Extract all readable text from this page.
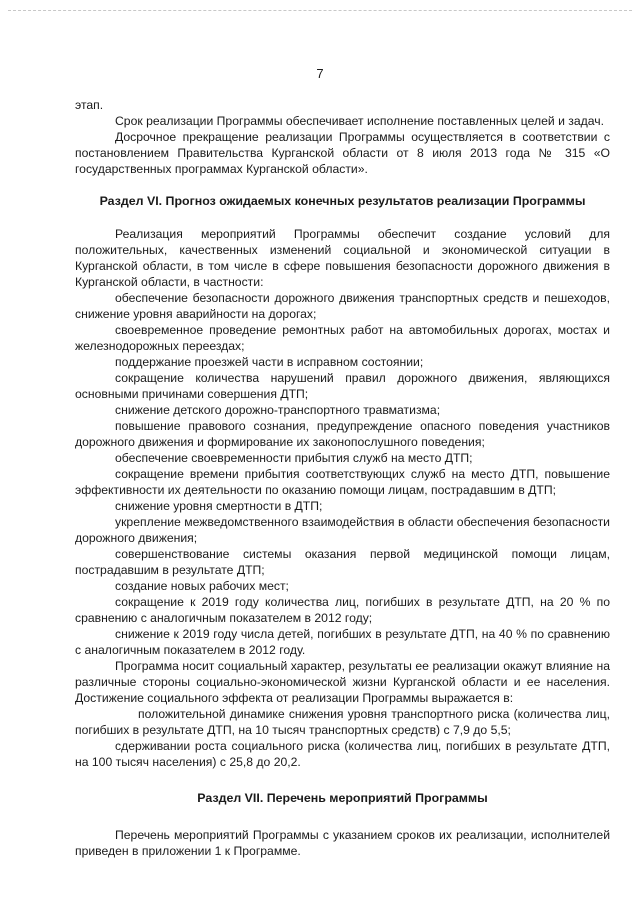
7

этап.

Срок реализации Программы обеспечивает исполнение поставленных целей и задач.

Досрочное прекращение реализации Программы осуществляется в соответствии с постановлением Правительства Курганской области от 8 июля 2013 года № 315 «О государственных программах Курганской области».

Раздел VI. Прогноз ожидаемых конечных результатов реализации Программы

Реализация мероприятий Программы обеспечит создание условий для положительных, качественных изменений социальной и экономической ситуации в Курганской области, в том числе в сфере повышения безопасности дорожного движения в Курганской области, в частности:

обеспечение безопасности дорожного движения транспортных средств и пешеходов, снижение уровня аварийности на дорогах;

своевременное проведение ремонтных работ на автомобильных дорогах, мостах и железнодорожных переездах;

поддержание проезжей части в исправном состоянии;

сокращение количества нарушений правил дорожного движения, являющихся основными причинами совершения ДТП;

снижение детского дорожно-транспортного травматизма;

повышение правового сознания, предупреждение опасного поведения участников дорожного движения и формирование их законопослушного поведения;

обеспечение своевременности прибытия служб на место ДТП;

сокращение времени прибытия соответствующих служб на место ДТП, повышение эффективности их деятельности по оказанию помощи лицам, пострадавшим в ДТП;

снижение уровня смертности в ДТП;

укрепление межведомственного взаимодействия в области обеспечения безопасности дорожного движения;

совершенствование системы оказания первой медицинской помощи лицам, пострадавшим в результате ДТП;

создание новых рабочих мест;

сокращение к 2019 году количества лиц, погибших в результате ДТП, на 20 % по сравнению с аналогичным показателем в 2012 году;

снижение к 2019 году числа детей, погибших в результате ДТП, на 40 % по сравнению с аналогичным показателем в 2012 году.

Программа носит социальный характер, результаты ее реализации окажут влияние на различные стороны социально-экономической жизни Курганской области и ее населения. Достижение социального эффекта от реализации Программы выражается в:

положительной динамике снижения уровня транспортного риска (количества лиц, погибших в результате ДТП, на 10 тысяч транспортных средств) с 7,9 до 5,5;

сдерживании роста социального риска (количества лиц, погибших в результате ДТП, на 100 тысяч населения) с 25,8 до 20,2.

Раздел VII. Перечень мероприятий Программы

Перечень мероприятий Программы с указанием сроков их реализации, исполнителей приведен в приложении 1 к Программе.
